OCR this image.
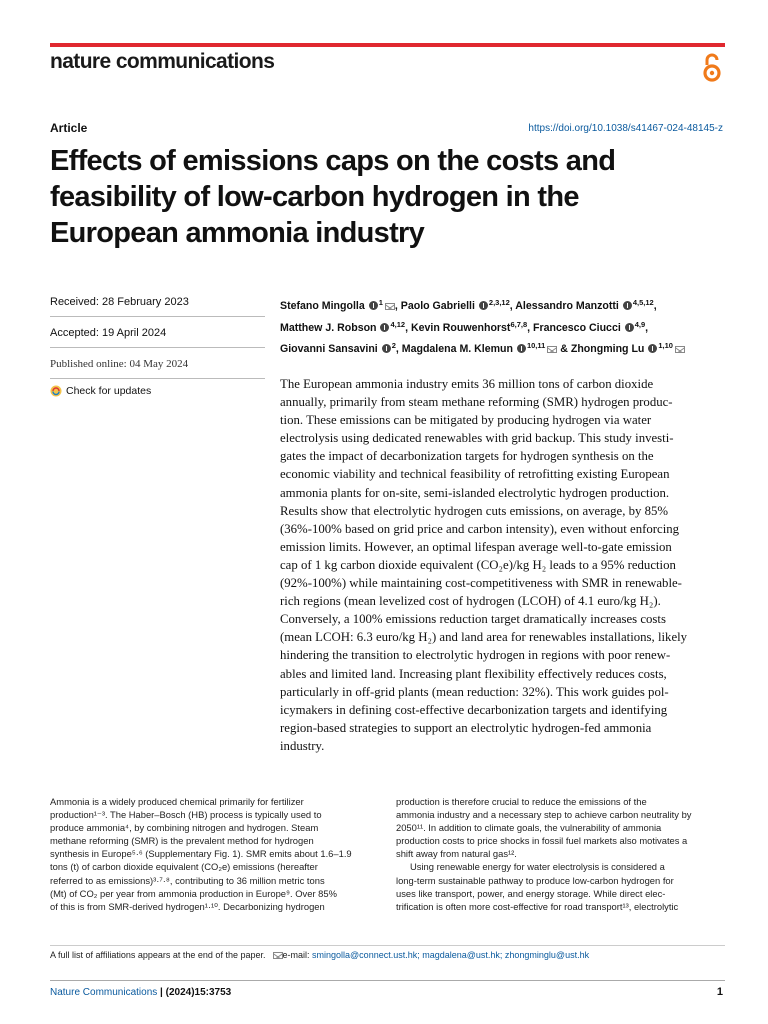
nature communications
Article	https://doi.org/10.1038/s41467-024-48145-z
Effects of emissions caps on the costs and
feasibility of low-carbon hydrogen in the
European ammonia industry
Received: 28 February 2023
Accepted: 19 April 2024
Published online: 04 May 2024
Check for updates
Stefano Mingolla $^1$ , Paolo Gabrielli $^{2,3,12}$, Alessandro Manzotti $^{4,5,12}$,
Matthew J. Robson $^{4,12}$, Kevin Rouwenhorst$^{6,7,8}$, Francesco Ciucci $^{4,9}$,
Giovanni Sansavini $^2$, Magdalena M. Klemun $^{10,11}$ & Zhongming Lu $^{1,10}$
The European ammonia industry emits 36 million tons of carbon dioxide
annually, primarily from steam methane reforming (SMR) hydrogen produc-
tion. These emissions can be mitigated by producing hydrogen via water
electrolysis using dedicated renewables with grid backup. This study investi-
gates the impact of decarbonization targets for hydrogen synthesis on the
economic viability and technical feasibility of retrofitting existing European
ammonia plants for on-site, semi-islanded electrolytic hydrogen production.
Results show that electrolytic hydrogen cuts emissions, on average, by 85%
(36%-100% based on grid price and carbon intensity), even without enforcing
emission limits. However, an optimal lifespan average well-to-gate emission
cap of 1 kg carbon dioxide equivalent (CO₂e)/kg H₂ leads to a 95% reduction
(92%-100%) while maintaining cost-competitiveness with SMR in renewable-
rich regions (mean levelized cost of hydrogen (LCOH) of 4.1 euro/kg H₂).
Conversely, a 100% emissions reduction target dramatically increases costs
(mean LCOH: 6.3 euro/kg H₂) and land area for renewables installations, likely
hindering the transition to electrolytic hydrogen in regions with poor renew-
ables and limited land. Increasing plant flexibility effectively reduces costs,
particularly in off-grid plants (mean reduction: 32%). This work guides pol-
icymakers in defining cost-effective decarbonization targets and identifying
region-based strategies to support an electrolytic hydrogen-fed ammonia
industry.
Ammonia is a widely produced chemical primarily for fertilizer
production¹⁻³. The Haber–Bosch (HB) process is typically used to
produce ammonia⁴, by combining nitrogen and hydrogen. Steam
methane reforming (SMR) is the prevalent method for hydrogen
synthesis in Europe⁵·⁶ (Supplementary Fig. 1). SMR emits about 1.6–1.9
tons (t) of carbon dioxide equivalent (CO₂e) emissions (hereafter
referred to as emissions)³·⁷·⁸, contributing to 36 million metric tons
(Mt) of CO₂ per year from ammonia production in Europe⁹. Over 85%
of this is from SMR-derived hydrogen¹·¹⁰. Decarbonizing hydrogen
production is therefore crucial to reduce the emissions of the
ammonia industry and a necessary step to achieve carbon neutrality by
2050¹¹. In addition to climate goals, the vulnerability of ammonia
production costs to price shocks in fossil fuel markets also motivates a
shift away from natural gas¹².
Using renewable energy for water electrolysis is considered a
long-term sustainable pathway to produce low-carbon hydrogen for
uses like transport, power, and energy storage. While direct elec-
trification is often more cost-effective for road transport¹³, electrolytic
A full list of affiliations appears at the end of the paper. e-mail: smingolla@connect.ust.hk; magdalena@ust.hk; zhongminglu@ust.hk
Nature Communications | (2024)15:3753	1
